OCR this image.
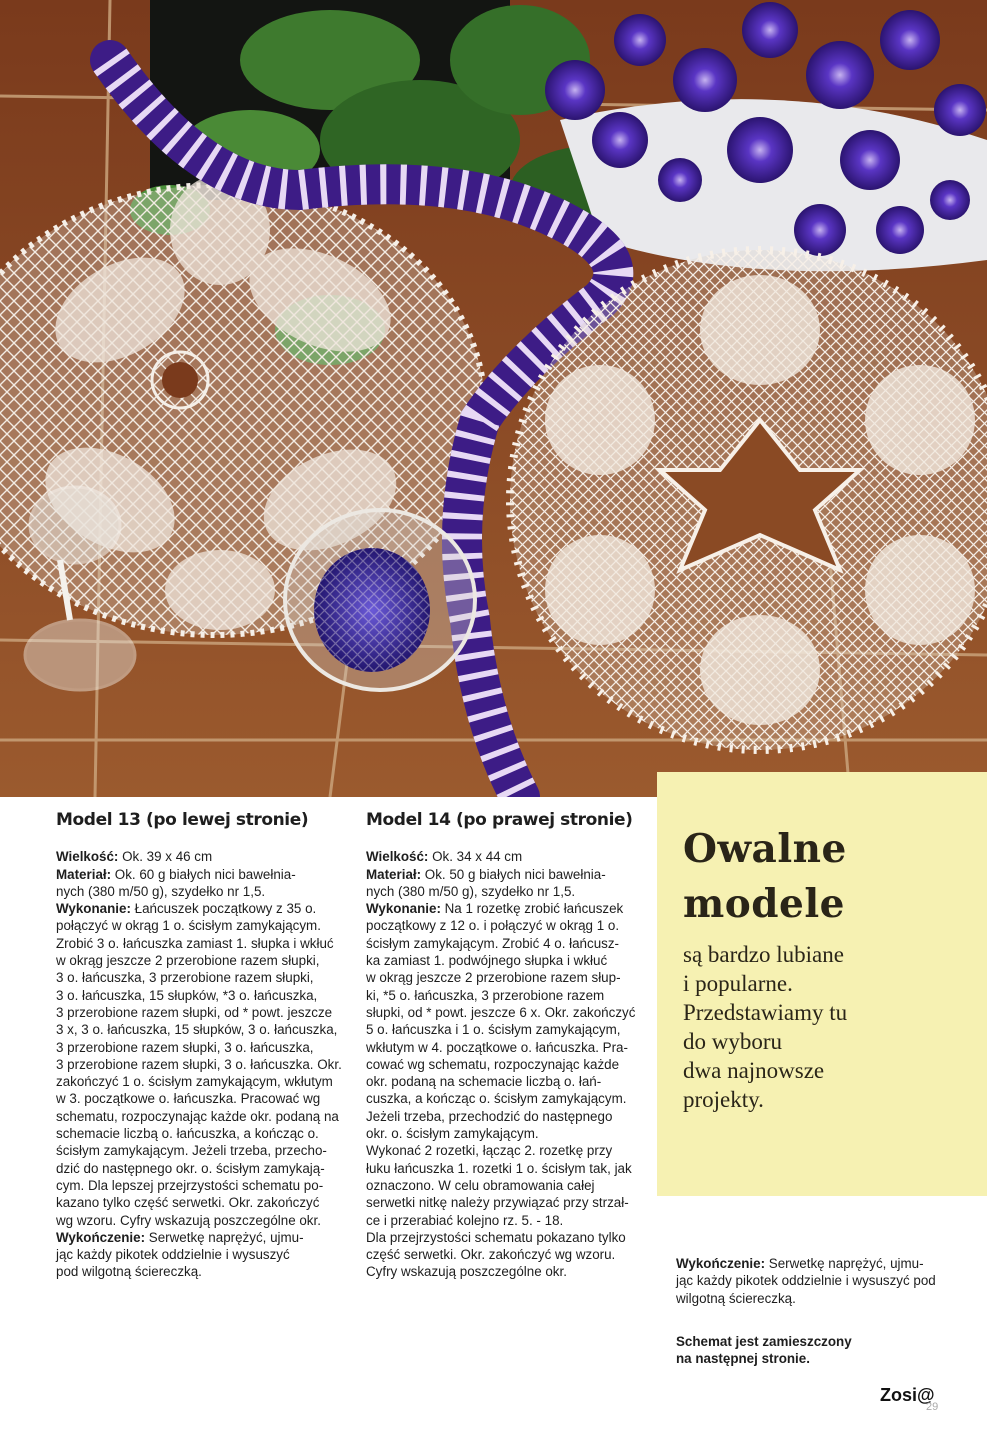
Owalne
modele

są bardzo lubiane
i popularne.
Przedstawiamy tu
do wyboru
dwa najnowsze
projekty.

Model 13 (po lewej stronie)

Wielkość: Ok. 39 x 46 cm
Materiał: Ok. 60 g białych nici bawełnia-
nych (380 m/50 g), szydełko nr 1,5.
Wykonanie: Łańcuszek początkowy z 35 o.
połączyć w okrąg 1 o. ścisłym zamykającym.
Zrobić 3 o. łańcuszka zamiast 1. słupka i wkłuć
w okrąg jeszcze 2 przerobione razem słupki,
3 o. łańcuszka, 3 przerobione razem słupki,
3 o. łańcuszka, 15 słupków, *3 o. łańcuszka,
3 przerobione razem słupki, od * powt. jeszcze
3 x, 3 o. łańcuszka, 15 słupków, 3 o. łańcuszka,
3 przerobione razem słupki, 3 o. łańcuszka,
3 przerobione razem słupki, 3 o. łańcuszka. Okr.
zakończyć 1 o. ścisłym zamykającym, wkłutym
w 3. początkowe o. łańcuszka. Pracować wg
schematu, rozpoczynając każde okr. podaną na
schemacie liczbą o. łańcuszka, a kończąc o.
ścisłym zamykającym. Jeżeli trzeba, przecho-
dzić do następnego okr. o. ścisłym zamykają-
cym. Dla lepszej przejrzystości schematu po-
kazano tylko część serwetki. Okr. zakończyć
wg wzoru. Cyfry wskazują poszczególne okr.
Wykończenie: Serwetkę naprężyć, ujmu-
jąc każdy pikotek oddzielnie i wysuszyć
pod wilgotną ściereczką.

Model 14 (po prawej stronie)

Wielkość: Ok. 34 x 44 cm
Materiał: Ok. 50 g białych nici bawełnia-
nych (380 m/50 g), szydełko nr 1,5.
Wykonanie: Na 1 rozetkę zrobić łańcuszek
początkowy z 12 o. i połączyć w okrąg 1 o.
ścisłym zamykającym. Zrobić 4 o. łańcusz-
ka zamiast 1. podwójnego słupka i wkłuć
w okrąg jeszcze 2 przerobione razem słup-
ki, *5 o. łańcuszka, 3 przerobione razem
słupki, od * powt. jeszcze 6 x. Okr. zakończyć
5 o. łańcuszka i 1 o. ścisłym zamykającym,
wkłutym w 4. początkowe o. łańcuszka. Pra-
cować wg schematu, rozpoczynając każde
okr. podaną na schemacie liczbą o. łań-
cuszka, a kończąc o. ścisłym zamykającym.
Jeżeli trzeba, przechodzić do następnego
okr. o. ścisłym zamykającym.
Wykonać 2 rozetki, łącząc 2. rozetkę przy
łuku łańcuszka 1. rozetki 1 o. ścisłym tak, jak
oznaczono. W celu obramowania całej
serwetki nitkę należy przywiązać przy strzał-
ce i przerabiać kolejno rz. 5. - 18.
Dla przejrzystości schematu pokazano tylko
część serwetki. Okr. zakończyć wg wzoru.
Cyfry wskazują poszczególne okr.

Wykończenie: Serwetkę naprężyć, ujmu-
jąc każdy pikotek oddzielnie i wysuszyć pod
wilgotną ściereczką.

Schemat jest zamieszczony
na następnej stronie.

Zosi@
29
